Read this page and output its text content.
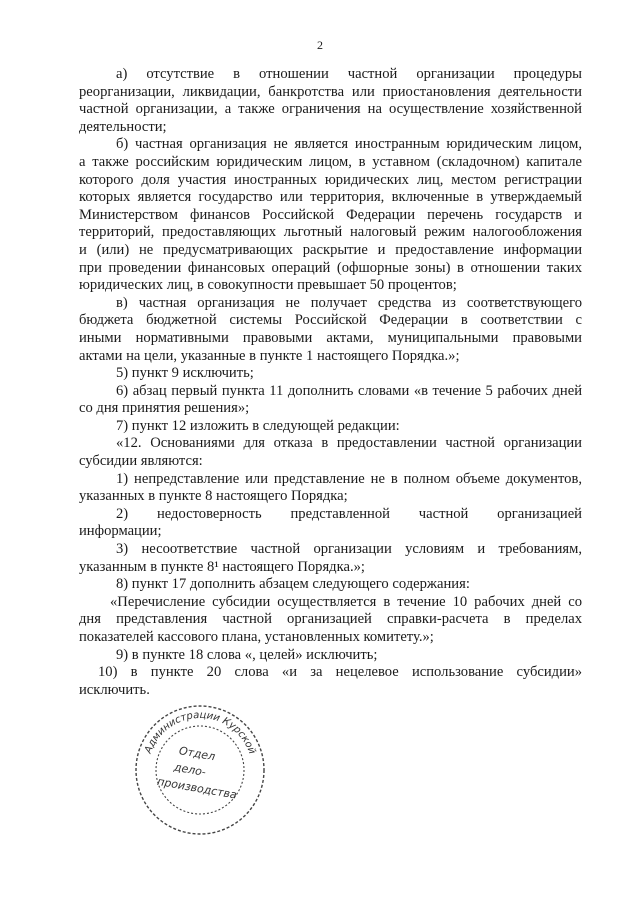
2
а) отсутствие в отношении частной организации процедуры
реорганизации, ликвидации, банкротства или приостановления деятельности
частной организации, а также ограничения на осуществление хозяйственной
деятельности;
б) частная организация не является иностранным юридическим лицом,
а также российским юридическим лицом, в уставном (складочном) капитале
которого доля участия иностранных юридических лиц, местом регистрации
которых является государство или территория, включенные в утверждаемый
Министерством финансов Российской Федерации перечень государств и
территорий, предоставляющих льготный налоговый режим налогообложения
и (или) не предусматривающих раскрытие и предоставление информации
при проведении финансовых операций (офшорные зоны) в отношении таких
юридических лиц, в совокупности превышает 50 процентов;
в) частная организация не получает средства из соответствующего
бюджета бюджетной системы Российской Федерации в соответствии с
иными нормативными правовыми актами, муниципальными правовыми
актами на цели, указанные в пункте 1 настоящего Порядка.»;
5) пункт 9 исключить;
6) абзац первый пункта 11 дополнить словами «в течение 5 рабочих дней
со дня принятия решения»;
7) пункт 12 изложить в следующей редакции:
«12. Основаниями для отказа в предоставлении частной организации
субсидии являются:
1) непредставление или представление не в полном объеме документов,
указанных в пункте 8 настоящего Порядка;
2) недостоверность представленной частной организацией
информации;
3) несоответствие частной организации условиям и требованиям,
указанным в пункте 8¹ настоящего Порядка.»;
8) пункт 17 дополнить абзацем следующего содержания:
«Перечисление субсидии осуществляется в течение 10 рабочих дней со
дня представления частной организацией справки-расчета в пределах
показателей кассового плана, установленных комитету.»;
9) в пункте 18 слова «, целей» исключить;
10) в пункте 20 слова «и за нецелевое использование субсидии»
исключить.
Администрации Курской
Отдел
дело-
производства
